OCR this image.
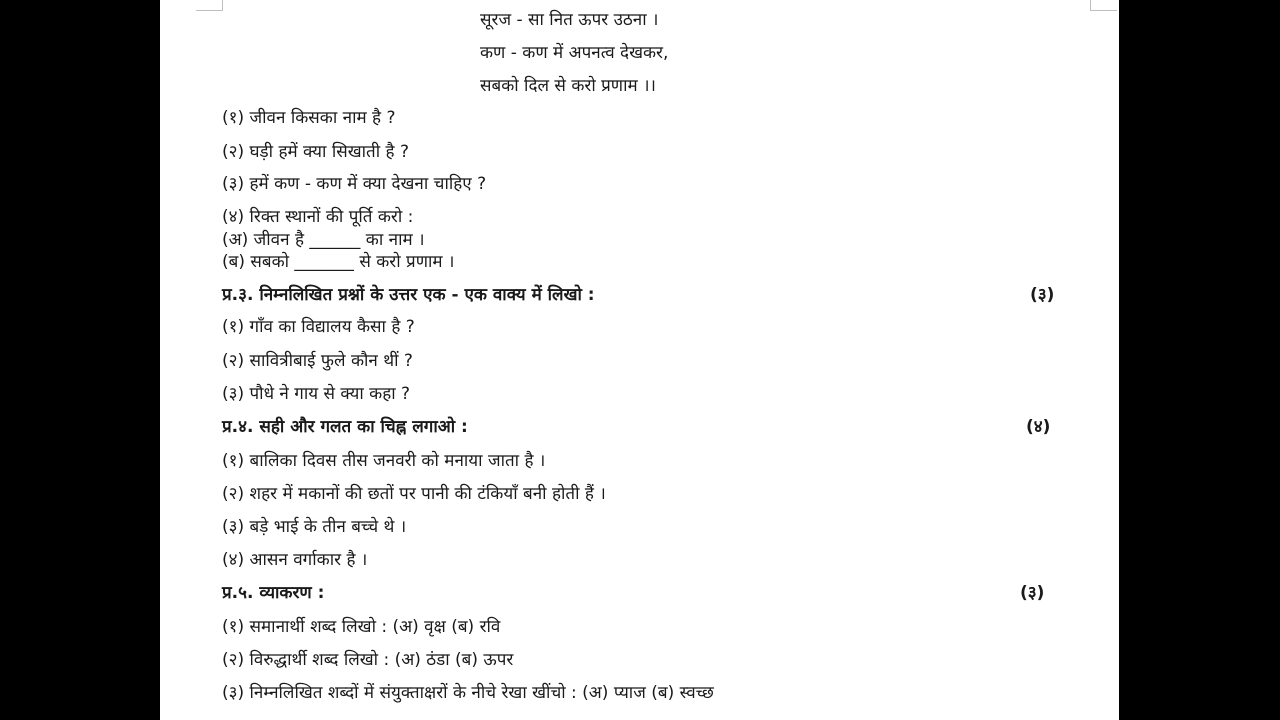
सूरज - सा नित ऊपर उठना ।
कण - कण में अपनत्व देखकर,
सबको दिल से करो प्रणाम ।।
(१) जीवन किसका नाम है ?
(२) घड़ी हमें क्या सिखाती है ?
(३) हमें कण - कण में क्या देखना चाहिए ?
(४) रिक्त स्थानों की पूर्ति करो :
(अ) जीवन है ______ का नाम ।
(ब) सबको _______ से करो प्रणाम ।
प्र.३. निम्नलिखित प्रश्नों के उत्तर एक - एक वाक्य में लिखो :	(३)
(१) गाँव का विद्यालय कैसा है ?
(२) सावित्रीबाई फुले कौन थीं ?
(३) पौधे ने गाय से क्या कहा ?
प्र.४. सही और गलत का चिह्न लगाओ :	(४)
(१) बालिका दिवस तीस जनवरी को मनाया जाता है ।
(२) शहर में मकानों की छतों पर पानी की टंकियाँ बनी होती हैं ।
(३) बड़े भाई के तीन बच्चे थे ।
(४) आसन वर्गाकार है ।
प्र.५. व्याकरण :	(३)
(१) समानार्थी शब्द लिखो : (अ) वृक्ष (ब) रवि
(२) विरुद्धार्थी शब्द लिखो : (अ) ठंडा (ब) ऊपर
(३) निम्नलिखित शब्दों में संयुक्ताक्षरों के नीचे रेखा खींचो : (अ) प्याज (ब) स्वच्छ
